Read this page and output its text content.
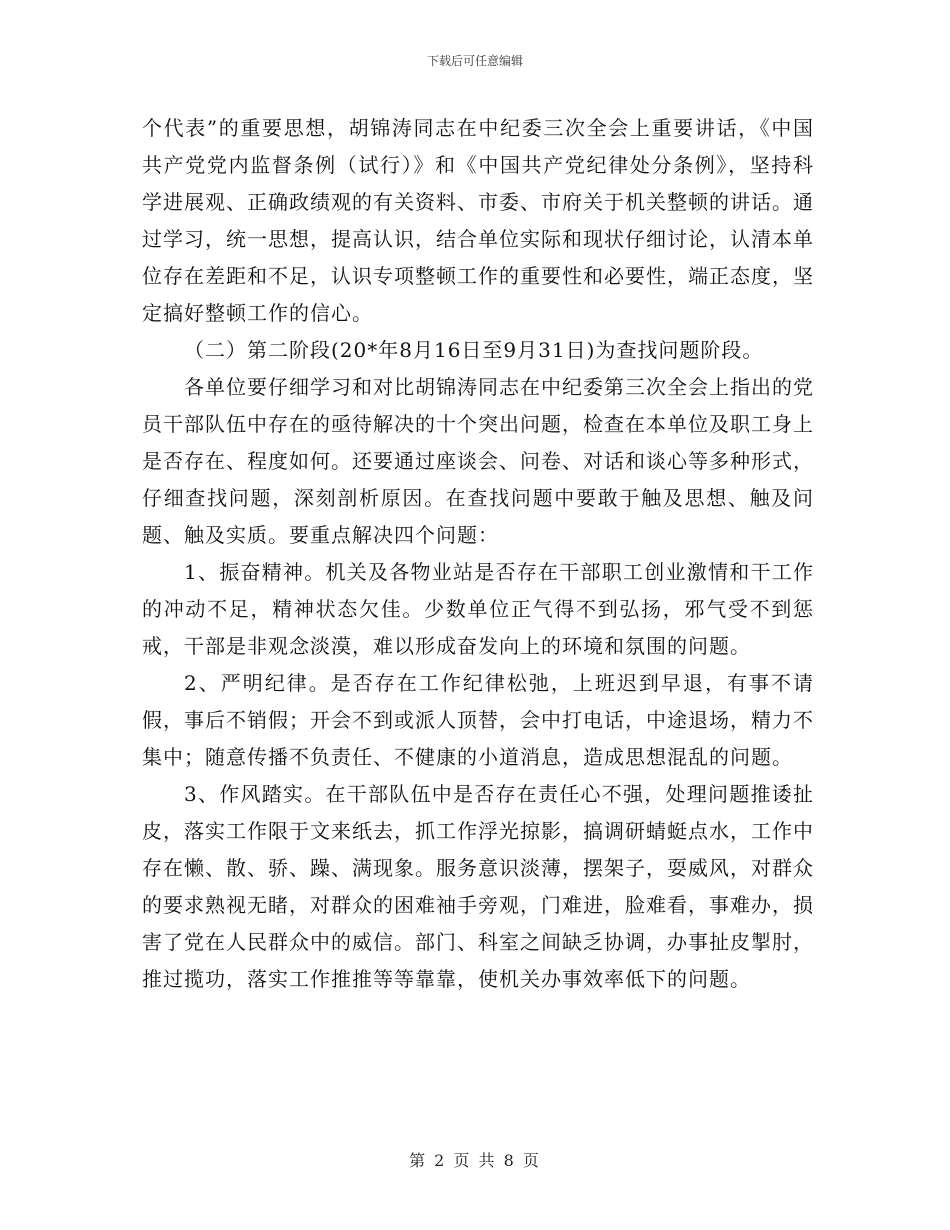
下载后可任意编辑

个代表”的重要思想，胡锦涛同志在中纪委三次全会上重要讲话，《中国共产党党内监督条例（试行）》和《中国共产党纪律处分条例》，坚持科学进展观、正确政绩观的有关资料、市委、市府关于机关整顿的讲话。通过学习，统一思想，提高认识，结合单位实际和现状仔细讨论，认清本单位存在差距和不足，认识专项整顿工作的重要性和必要性，端正态度，坚定搞好整顿工作的信心。

（二）第二阶段(20*年8月16日至9月31日)为查找问题阶段。

各单位要仔细学习和对比胡锦涛同志在中纪委第三次全会上指出的党员干部队伍中存在的亟待解决的十个突出问题，检查在本单位及职工身上是否存在、程度如何。还要通过座谈会、问卷、对话和谈心等多种形式，仔细查找问题，深刻剖析原因。在查找问题中要敢于触及思想、触及问题、触及实质。要重点解决四个问题：

1、振奋精神。机关及各物业站是否存在干部职工创业激情和干工作的冲动不足，精神状态欠佳。少数单位正气得不到弘扬，邪气受不到惩戒，干部是非观念淡漠，难以形成奋发向上的环境和氛围的问题。

2、严明纪律。是否存在工作纪律松弛，上班迟到早退，有事不请假，事后不销假；开会不到或派人顶替，会中打电话，中途退场，精力不集中；随意传播不负责任、不健康的小道消息，造成思想混乱的问题。

3、作风踏实。在干部队伍中是否存在责任心不强，处理问题推诿扯皮，落实工作限于文来纸去，抓工作浮光掠影，搞调研蜻蜓点水，工作中存在懒、散、骄、躁、满现象。服务意识淡薄，摆架子，耍威风，对群众的要求熟视无睹，对群众的困难袖手旁观，门难进，脸难看，事难办，损害了党在人民群众中的威信。部门、科室之间缺乏协调，办事扯皮掣肘，推过揽功，落实工作推推等等靠靠，使机关办事效率低下的问题。

第 2 页 共 8 页
